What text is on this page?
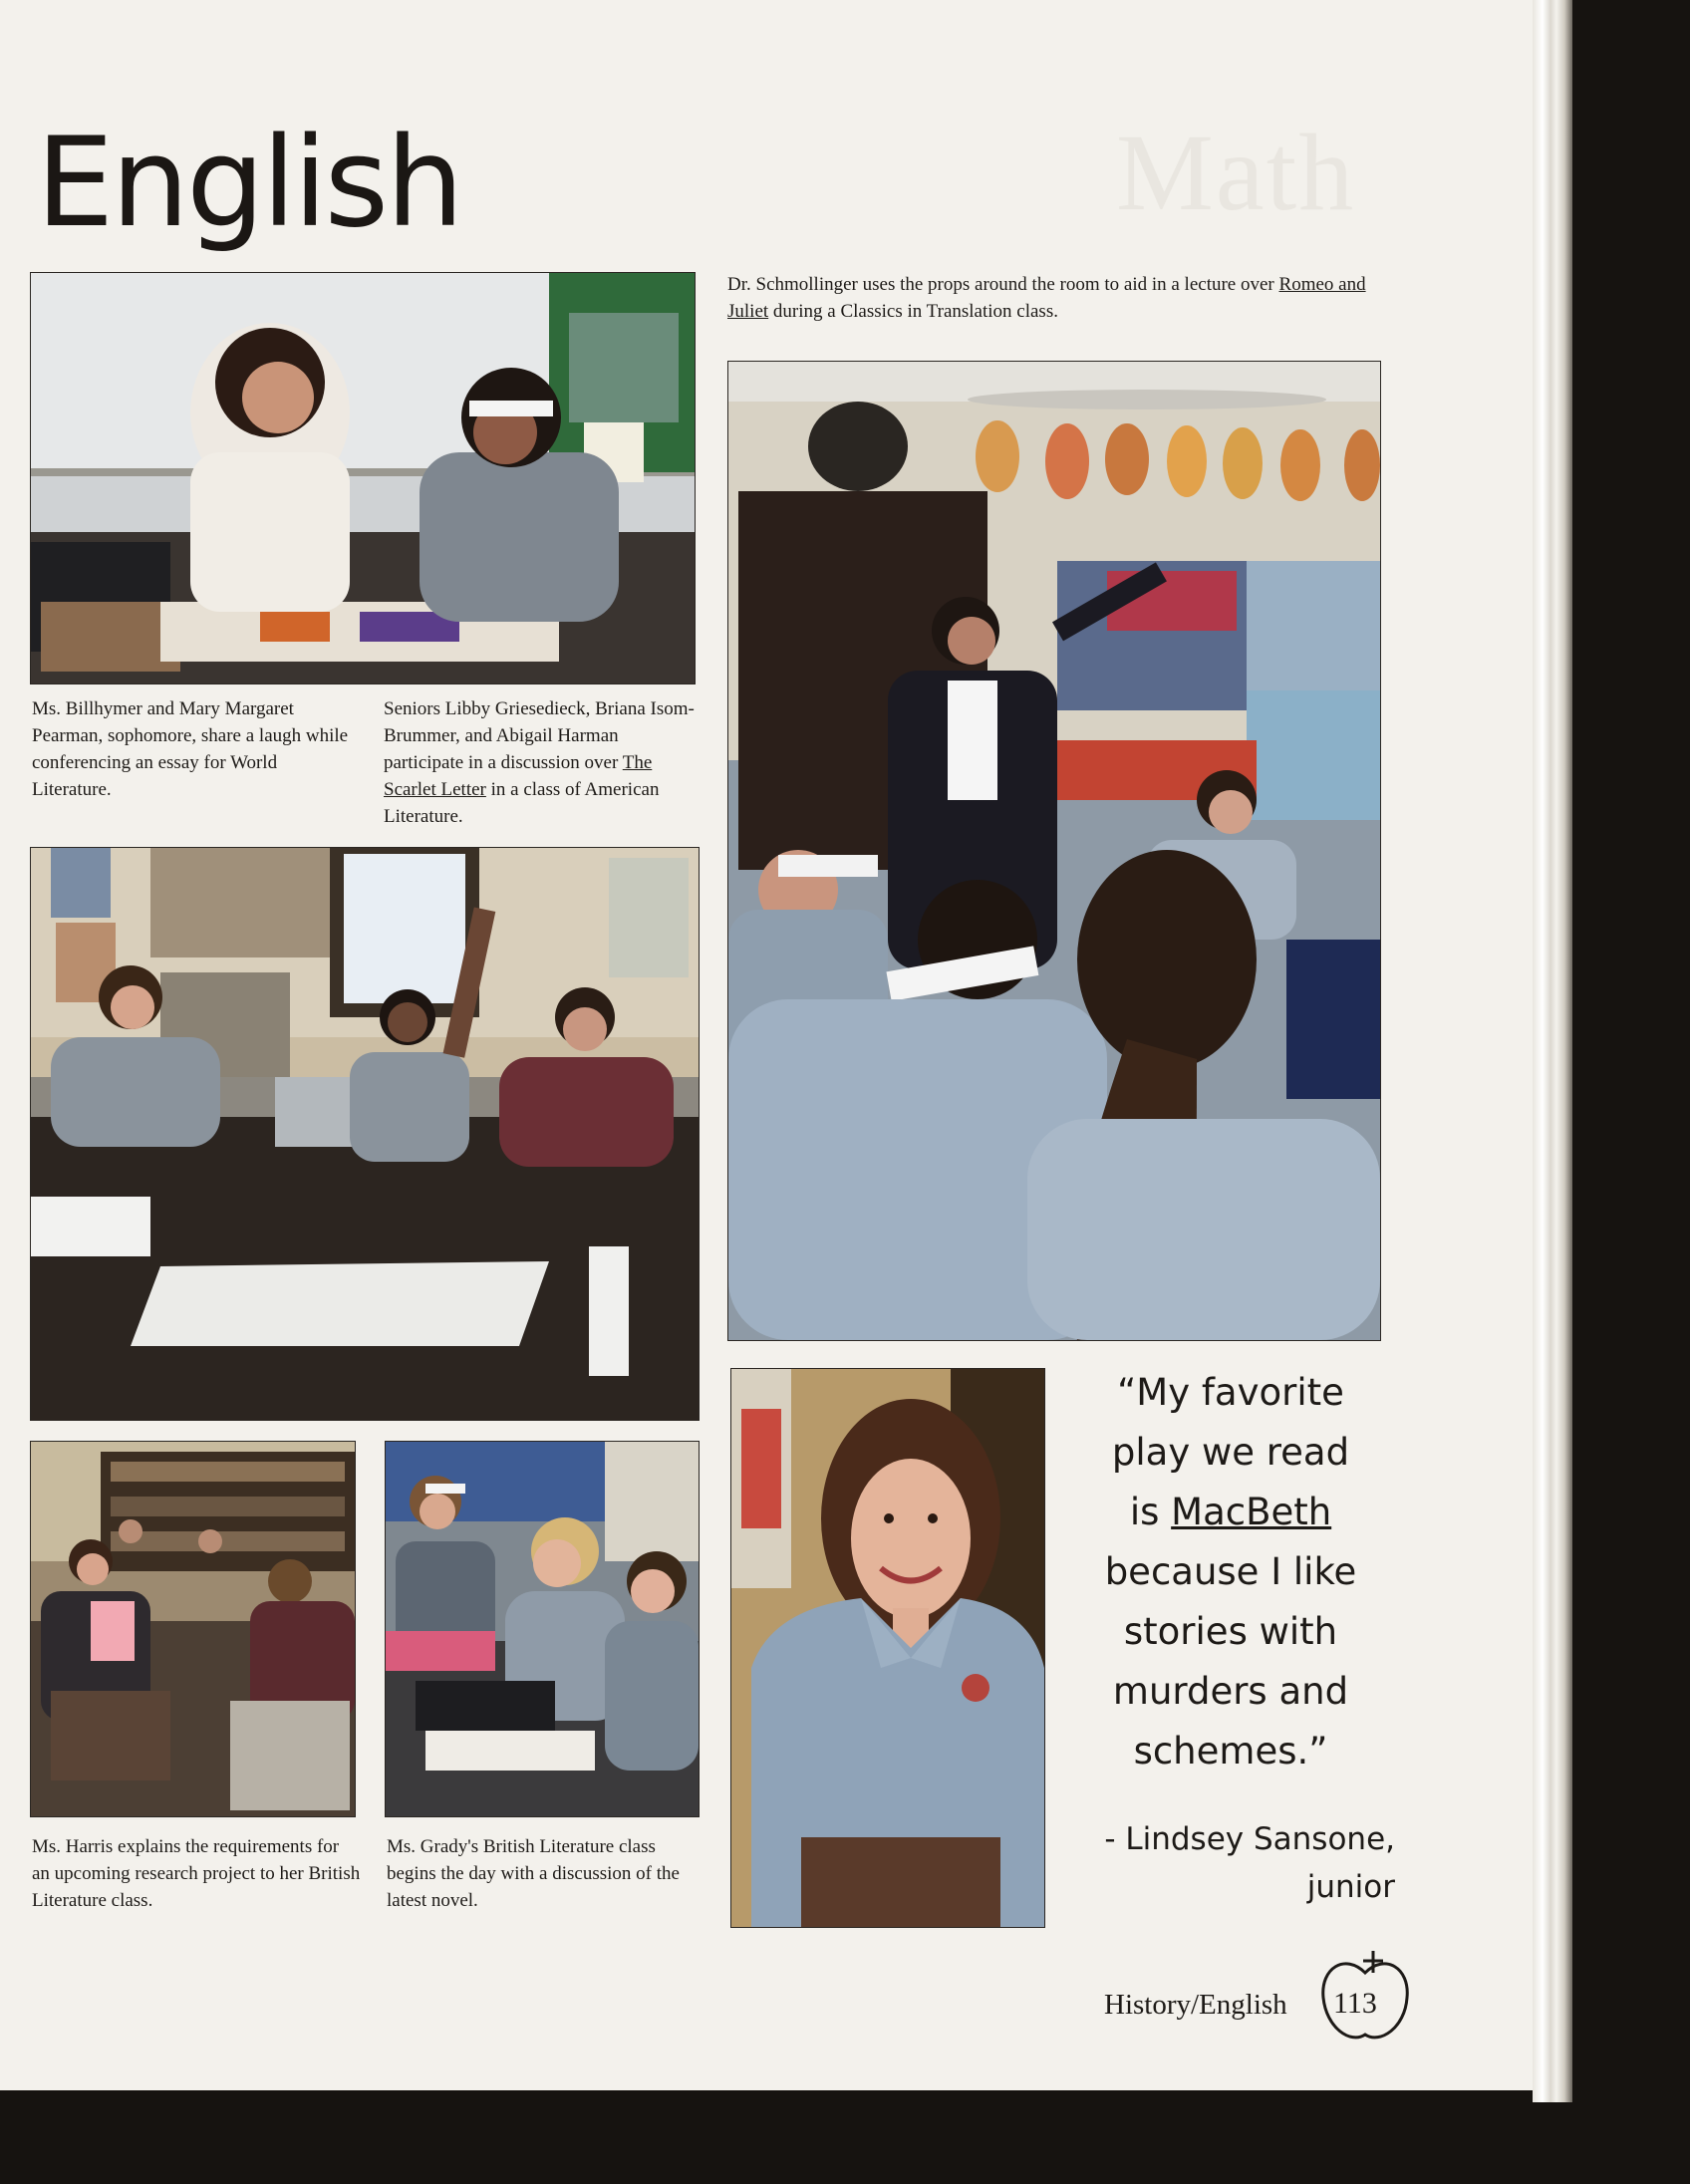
Math
English

Ms. Billhymer and Mary Margaret Pearman, sophomore, share a laugh while conferencing an essay for World Literature.

Seniors Libby Griesedieck, Briana Isom-Brummer, and Abigail Harman participate in a discussion over The Scarlet Letter in a class of American Literature.

Ms. Harris explains the requirements for an upcoming research project to her British Literature class.

Ms. Grady's British Literature class begins the day with a discussion of the latest novel.

Dr. Schmollinger uses the props around the room to aid in a lecture over Romeo and Juliet during a Classics in Translation class.

“My favorite
play we read
is MacBeth
because I like
stories with
murders and
schemes.”
- Lindsey Sansone,
junior
History/English 113
